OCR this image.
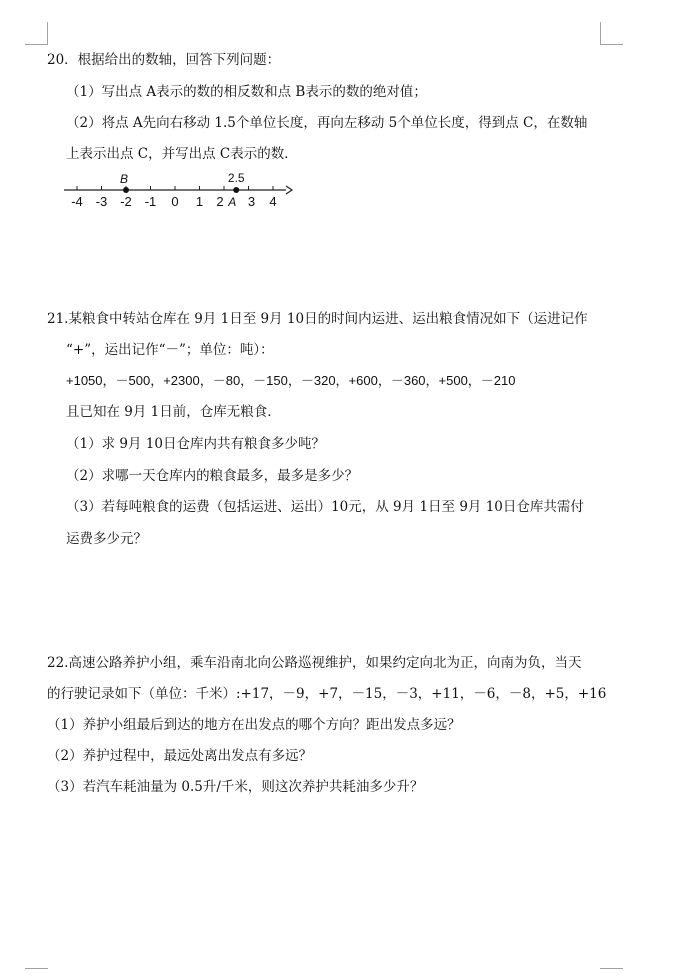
20．根据给出的数轴，回答下列问题：
（1）写出点 A表示的数的相反数和点 B表示的数的绝对值；
（2）将点 A先向右移动 1.5个单位长度，再向左移动 5个单位长度，得到点 C，在数轴
上表示出点 C，并写出点 C表示的数．
-4 -3 -2 -1 0 1 2 3 4
B	2.5
A
21.某粮食中转站仓库在 9月 1日至 9月 10日的时间内运进、运出粮食情况如下（运进记作
“+”，运出记作“－”；单位：吨）：
+1050，－500，+2300，－80，－150，－320，+600，－360，+500，－210
且已知在 9月 1日前，仓库无粮食．
（1）求 9月 10日仓库内共有粮食多少吨？
（2）求哪一天仓库内的粮食最多，最多是多少？
（3）若每吨粮食的运费（包括运进、运出）10元，从 9月 1日至 9月 10日仓库共需付
运费多少元？
22.高速公路养护小组，乘车沿南北向公路巡视维护，如果约定向北为正，向南为负，当天
的行驶记录如下（单位：千米）:+17，－9，+7，－15，－3，+11，－6，－8，+5，+16
（1）养护小组最后到达的地方在出发点的哪个方向？距出发点多远？
（2）养护过程中，最远处离出发点有多远？
（3）若汽车耗油量为 0.5升/千米，则这次养护共耗油多少升？
